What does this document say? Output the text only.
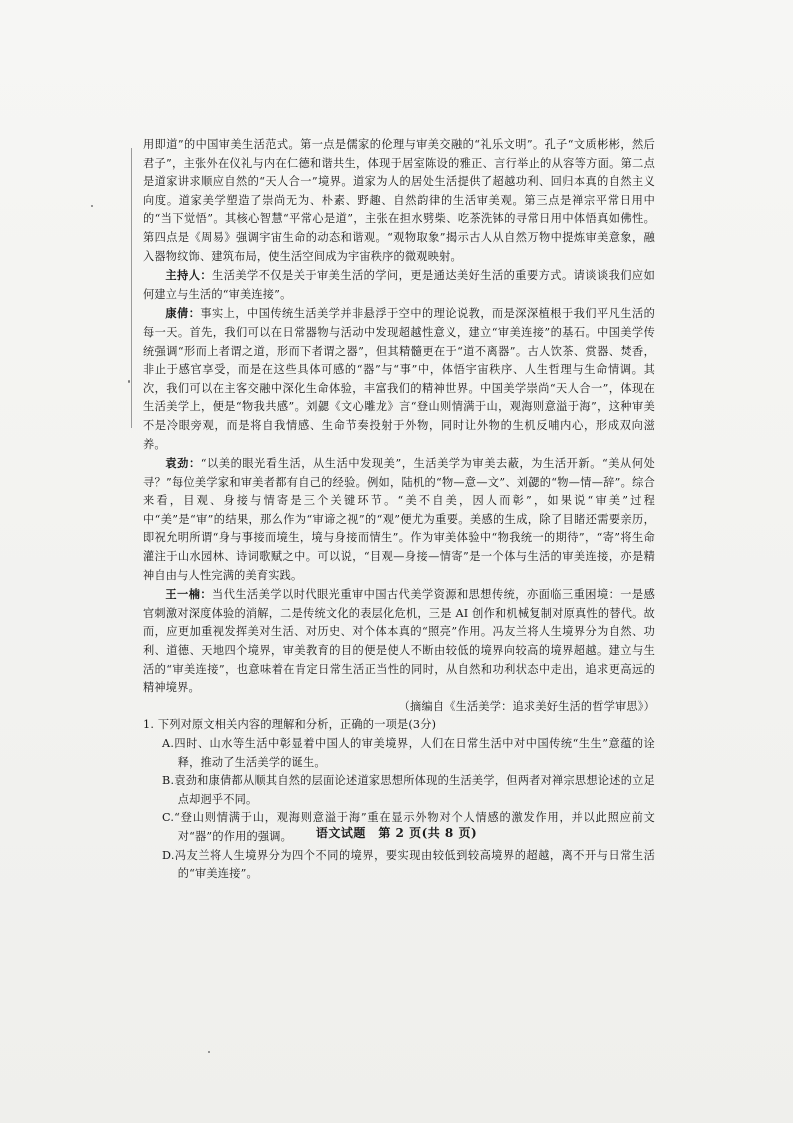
用即道”的中国审美生活范式。第一点是儒家的伦理与审美交融的“礼乐文明”。孔子“文质彬彬，然后君子”，主张外在仪礼与内在仁德和谐共生，体现于居室陈设的雅正、言行举止的从容等方面。第二点是道家讲求顺应自然的“天人合一”境界。道家为人的居处生活提供了超越功利、回归本真的自然主义向度。道家美学塑造了崇尚无为、朴素、野趣、自然韵律的生活审美观。第三点是禅宗平常日用中的“当下觉悟”。其核心智慧“平常心是道”，主张在担水劈柴、吃茶洗钵的寻常日用中体悟真如佛性。第四点是《周易》强调宇宙生命的动态和谐观。“观物取象”揭示古人从自然万物中提炼审美意象，融入器物纹饰、建筑布局，使生活空间成为宇宙秩序的微观映射。

主持人：生活美学不仅是关于审美生活的学问，更是通达美好生活的重要方式。请谈谈我们应如何建立与生活的“审美连接”。

康倩：事实上，中国传统生活美学并非悬浮于空中的理论说教，而是深深植根于我们平凡生活的每一天。首先，我们可以在日常器物与活动中发现超越性意义，建立“审美连接”的基石。中国美学传统强调“形而上者谓之道，形而下者谓之器”，但其精髓更在于“道不离器”。古人饮茶、赏器、焚香，非止于感官享受，而是在这些具体可感的“器”与“事”中，体悟宇宙秩序、人生哲理与生命情调。其次，我们可以在主客交融中深化生命体验，丰富我们的精神世界。中国美学崇尚“天人合一”，体现在生活美学上，便是“物我共感”。刘勰《文心雕龙》言“登山则情满于山，观海则意溢于海”，这种审美不是冷眼旁观，而是将自我情感、生命节奏投射于外物，同时让外物的生机反哺内心，形成双向滋养。

袁劲：“以美的眼光看生活，从生活中发现美”，生活美学为审美去蔽，为生活开新。“美从何处寻？”每位美学家和审美者都有自己的经验。例如，陆机的“物—意—文”、刘勰的“物—情—辞”。综合来看，目观、身接与情寄是三个关键环节。“美不自美，因人而彰”，如果说“审美”过程中“美”是“审”的结果，那么作为“审谛之视”的“观”便尤为重要。美感的生成，除了目睹还需要亲历，即祝允明所谓“身与事接而境生，境与身接而情生”。作为审美体验中“物我统一的期待”，“寄”将生命灌注于山水园林、诗词歌赋之中。可以说，“目观—身接—情寄”是一个体与生活的审美连接，亦是精神自由与人性完满的美育实践。

王一楠：当代生活美学以时代眼光重审中国古代美学资源和思想传统，亦面临三重困境：一是感官刺激对深度体验的消解，二是传统文化的表层化危机，三是 AI 创作和机械复制对原真性的替代。故而，应更加重视发挥美对生活、对历史、对个体本真的“照亮”作用。冯友兰将人生境界分为自然、功利、道德、天地四个境界，审美教育的目的便是使人不断由较低的境界向较高的境界超越。建立与生活的“审美连接”，也意味着在肯定日常生活正当性的同时，从自然和功利状态中走出，追求更高远的精神境界。

（摘编自《生活美学：追求美好生活的哲学审思》）

1. 下列对原文相关内容的理解和分析，正确的一项是(3分)

A.四时、山水等生活中彰显着中国人的审美境界，人们在日常生活中对中国传统“生生”意蕴的诠释，推动了生活美学的诞生。

B.袁劲和康倩都从顺其自然的层面论述道家思想所体现的生活美学，但两者对禅宗思想论述的立足点却迥乎不同。

C.“登山则情满于山，观海则意溢于海”重在显示外物对个人情感的激发作用，并以此照应前文对“器”的作用的强调。

D.冯友兰将人生境界分为四个不同的境界，要实现由较低到较高境界的超越，离不开与日常生活的“审美连接”。

语文试题　第 2 页(共 8 页)
